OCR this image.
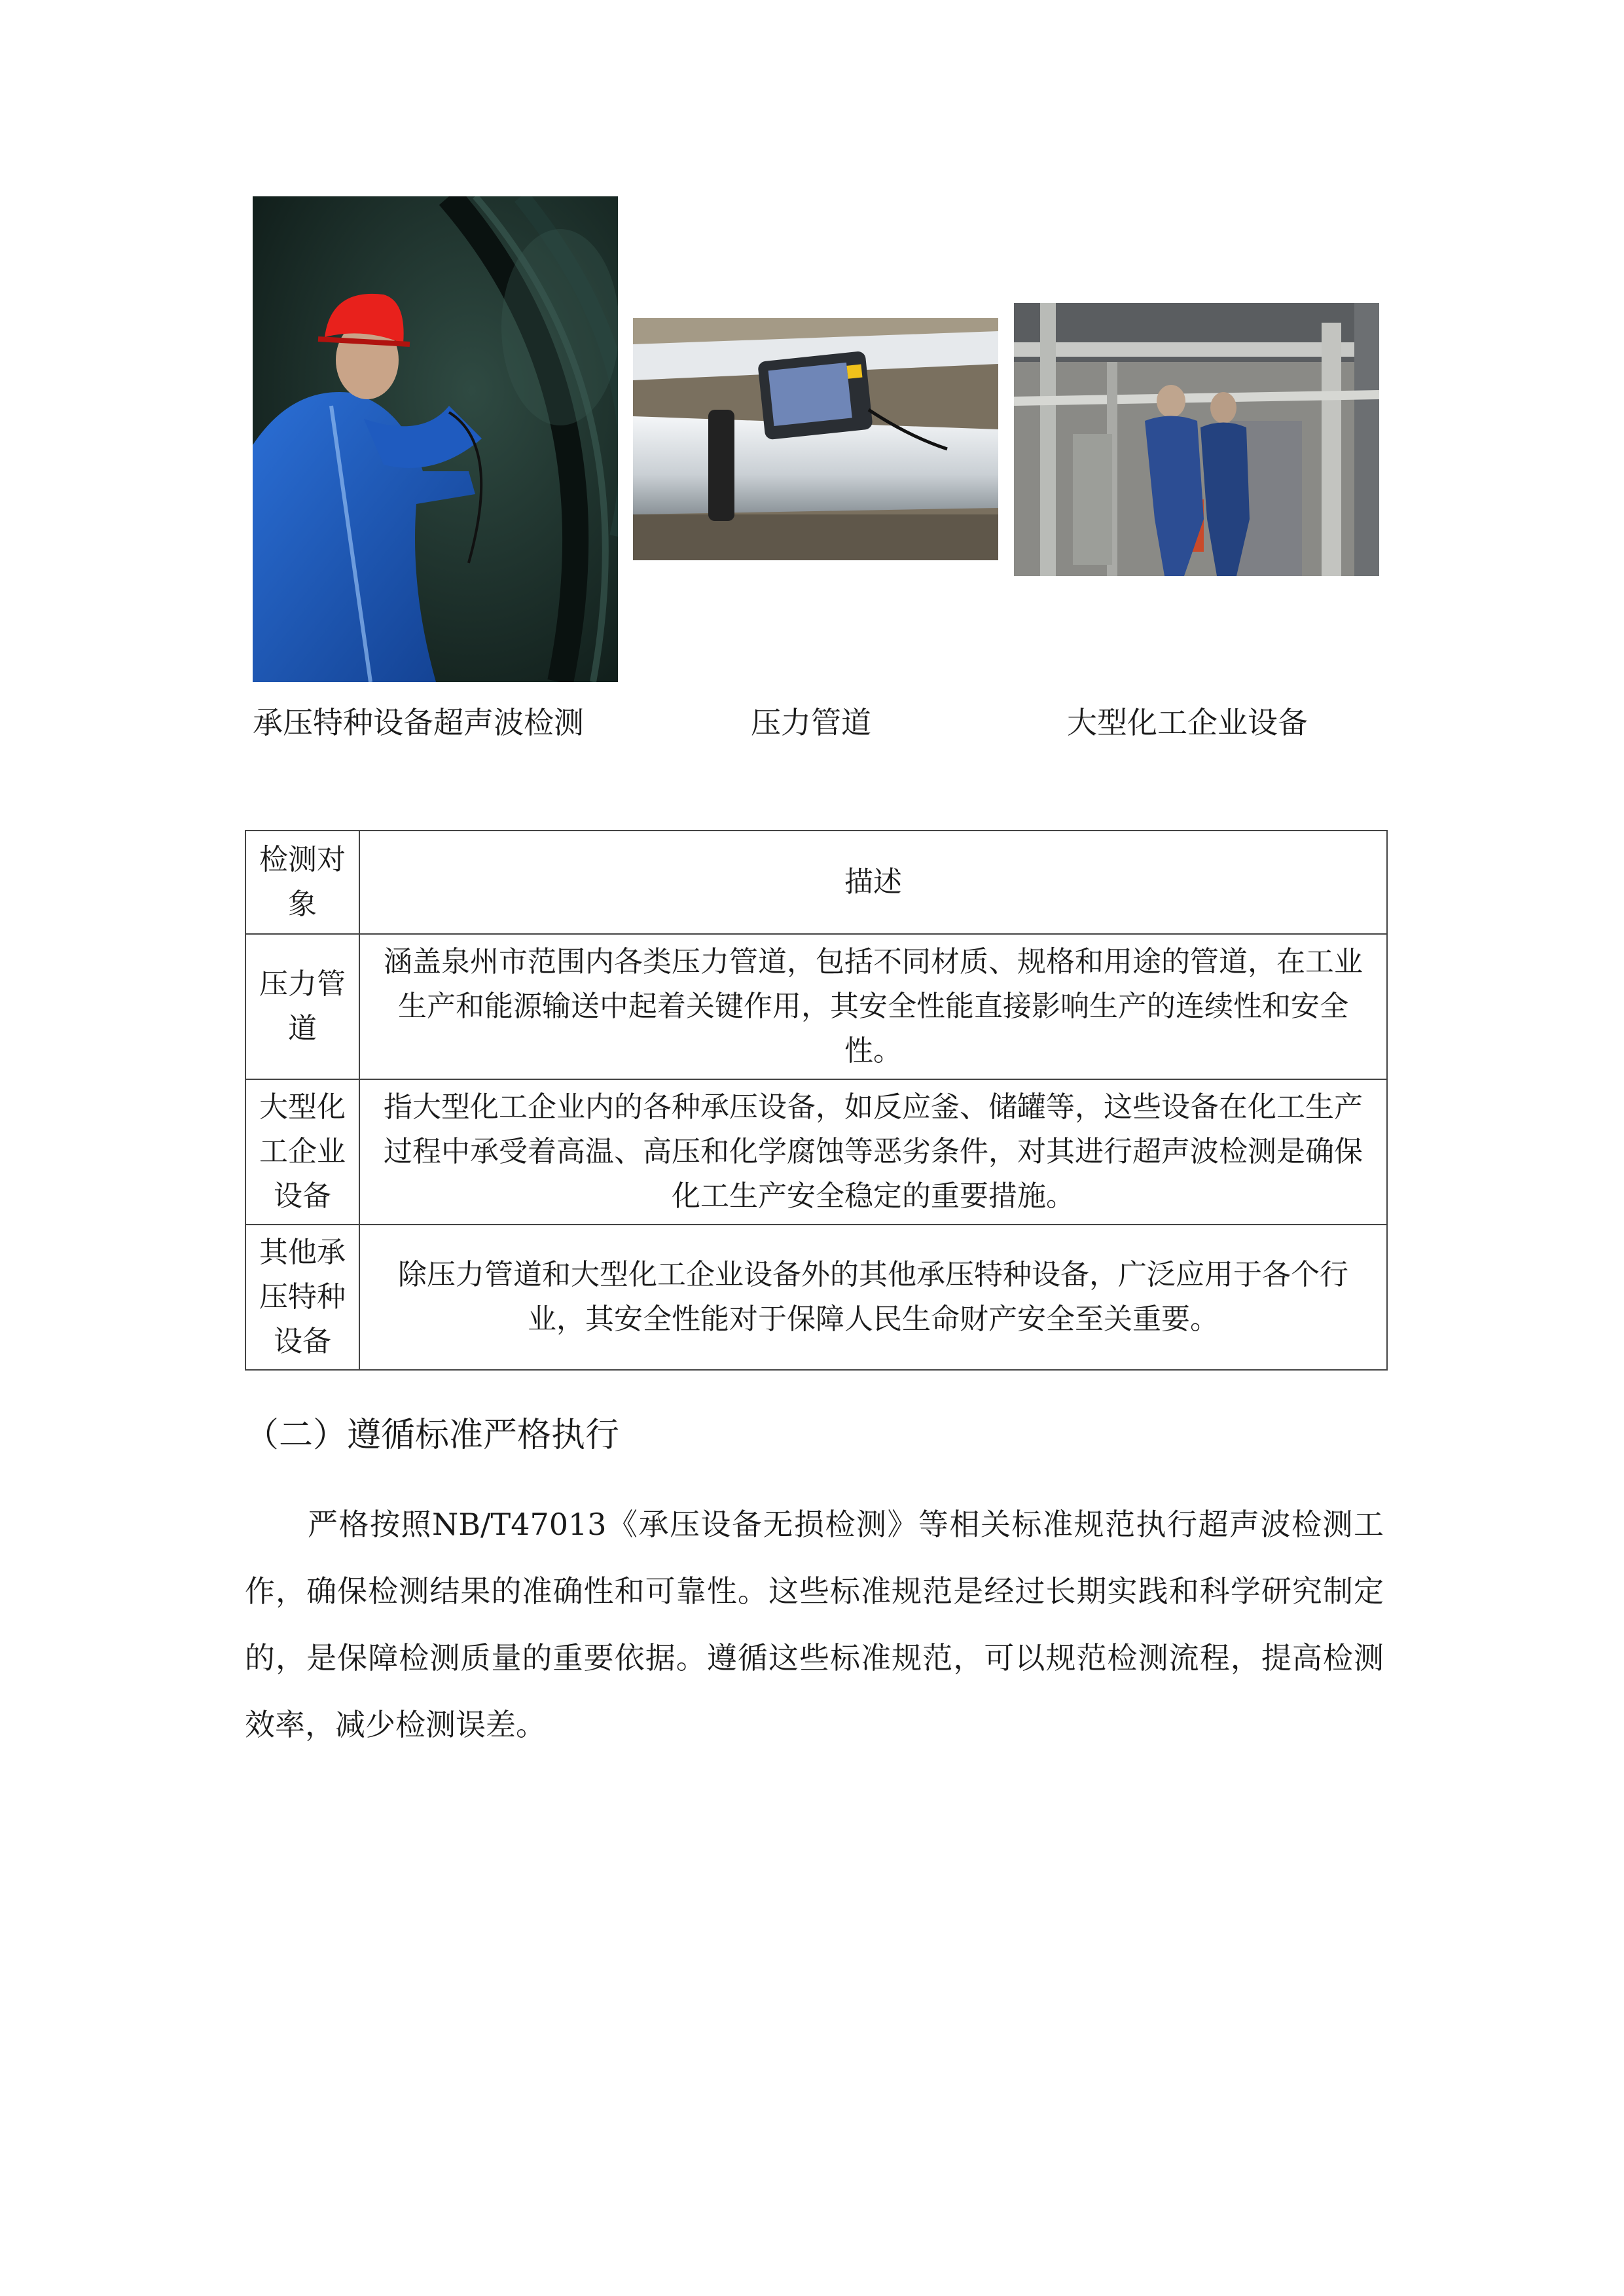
承压特种设备超声波检测	压力管道	大型化工企业设备
检测对象	描述
压力管道	涵盖泉州市范围内各类压力管道，包括不同材质、规格和用途的管道，在工业生产和能源输送中起着关键作用，其安全性能直接影响生产的连续性和安全性。
大型化工企业设备	指大型化工企业内的各种承压设备，如反应釜、储罐等，这些设备在化工生产过程中承受着高温、高压和化学腐蚀等恶劣条件，对其进行超声波检测是确保化工生产安全稳定的重要措施。
其他承压特种设备	除压力管道和大型化工企业设备外的其他承压特种设备，广泛应用于各个行业，其安全性能对于保障人民生命财产安全至关重要。
（二）遵循标准严格执行
严格按照NB/T47013《承压设备无损检测》等相关标准规范执行超声波检测工作，确保检测结果的准确性和可靠性。这些标准规范是经过长期实践和科学研究制定的，是保障检测质量的重要依据。遵循这些标准规范，可以规范检测流程，提高检测效率，减少检测误差。
